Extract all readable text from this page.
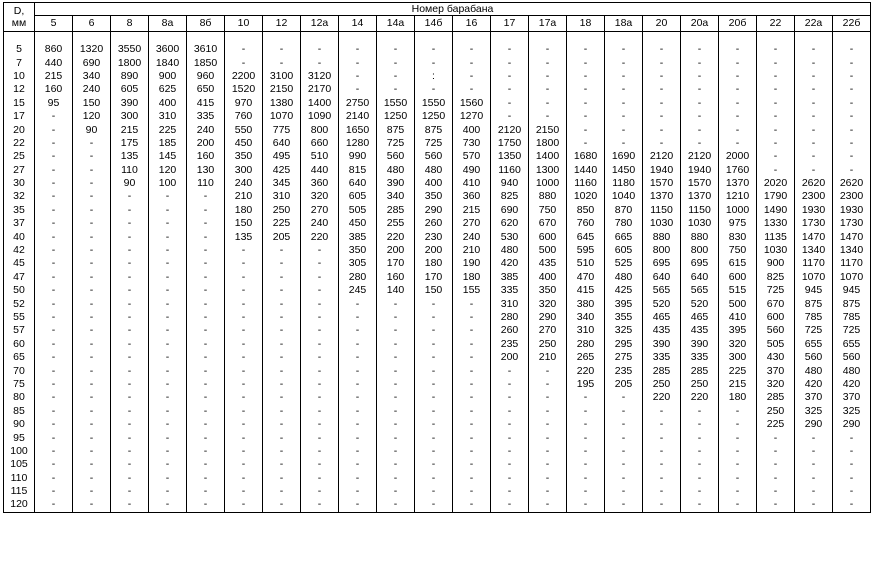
D,
мм	Номер барабана																					
	5	6	8	8а	8б	10	12	12а	14	14а	14б	16	17	17а	18	18а	20	20а	20б	22	22а	22б

5	860	1320	3550	3600	3610	-	-	-	-	-	-	-	-	-	-	-	-	-	-	-	-	-
7	440	690	1800	1840	1850	-	-	-	-	-	-	-	-	-	-	-	-	-	-	-	-	-
10	215	340	890	900	960	2200	3100	3120	-	-	:	-	-	-	-	-	-	-	-	-	-	-
12	160	240	605	625	650	1520	2150	2170	-	-	-	-	-	-	-	-	-	-	-	-	-	-
15	95	150	390	400	415	970	1380	1400	2750	1550	1550	1560	-	-	-	-	-	-	-	-	-	-
17	-	120	300	310	335	760	1070	1090	2140	1250	1250	1270	-	-	-	-	-	-	-	-	-	-
20	-	90	215	225	240	550	775	800	1650	875	875	400	2120	2150	-	-	-	-	-	-	-	-
22	-	-	175	185	200	450	640	660	1280	725	725	730	1750	1800	-	-	-	-	-	-	-	-
25	-	-	135	145	160	350	495	510	990	560	560	570	1350	1400	1680	1690	2120	2120	2000	-	-	-
27	-	-	110	120	130	300	425	440	815	480	480	490	1160	1300	1440	1450	1940	1940	1760	-	-	-
30	-	-	90	100	110	240	345	360	640	390	400	410	940	1000	1160	1180	1570	1570	1370	2020	2620	2620
32	-	-	-	-	-	210	310	320	605	340	350	360	825	880	1020	1040	1370	1370	1210	1790	2300	2300
35	-	-	-	-	-	180	250	270	505	285	290	215	690	750	850	870	1150	1150	1000	1490	1930	1930
37	-	-	-	-	-	150	225	240	450	255	260	270	620	670	760	780	1030	1030	975	1330	1730	1730
40	-	-	-	-	-	135	205	220	385	220	230	240	530	600	645	665	880	880	830	1135	1470	1470
42	-	-	-	-	-	-	-	-	350	200	200	210	480	500	595	605	800	800	750	1030	1340	1340
45	-	-	-	-	-	-	-	-	305	170	180	190	420	435	510	525	695	695	615	900	1170	1170
47	-	-	-	-	-	-	-	-	280	160	170	180	385	400	470	480	640	640	600	825	1070	1070
50	-	-	-	-	-	-	-	-	245	140	150	155	335	350	415	425	565	565	515	725	945	945
52	-	-	-	-	-	-	-	-	-	-	-	-	310	320	380	395	520	520	500	670	875	875
55	-	-	-	-	-	-	-	-	-	-	-	-	280	290	340	355	465	465	410	600	785	785
57	-	-	-	-	-	-	-	-	-	-	-	-	260	270	310	325	435	435	395	560	725	725
60	-	-	-	-	-	-	-	-	-	-	-	-	235	250	280	295	390	390	320	505	655	655
65	-	-	-	-	-	-	-	-	-	-	-	-	200	210	265	275	335	335	300	430	560	560
70	-	-	-	-	-	-	-	-	-	-	-	-	-	-	220	235	285	285	225	370	480	480
75	-	-	-	-	-	-	-	-	-	-	-	-	-	-	195	205	250	250	215	320	420	420
80	-	-	-	-	-	-	-	-	-	-	-	-	-	-	-	-	220	220	180	285	370	370
85	-	-	-	-	-	-	-	-	-	-	-	-	-	-	-	-	-	-	-	250	325	325
90	-	-	-	-	-	-	-	-	-	-	-	-	-	-	-	-	-	-	-	225	290	290
95	-	-	-	-	-	-	-	-	-	-	-	-	-	-	-	-	-	-	-	-	-	-
100	-	-	-	-	-	-	-	-	-	-	-	-	-	-	-	-	-	-	-	-	-	-
105	-	-	-	-	-	-	-	-	-	-	-	-	-	-	-	-	-	-	-	-	-	-
110	-	-	-	-	-	-	-	-	-	-	-	-	-	-	-	-	-	-	-	-	-	-
115	-	-	-	-	-	-	-	-	-	-	-	-	-	-	-	-	-	-	-	-	-	-
120	-	-	-	-	-	-	-	-	-	-	-	-	-	-	-	-	-	-	-	-	-	-
